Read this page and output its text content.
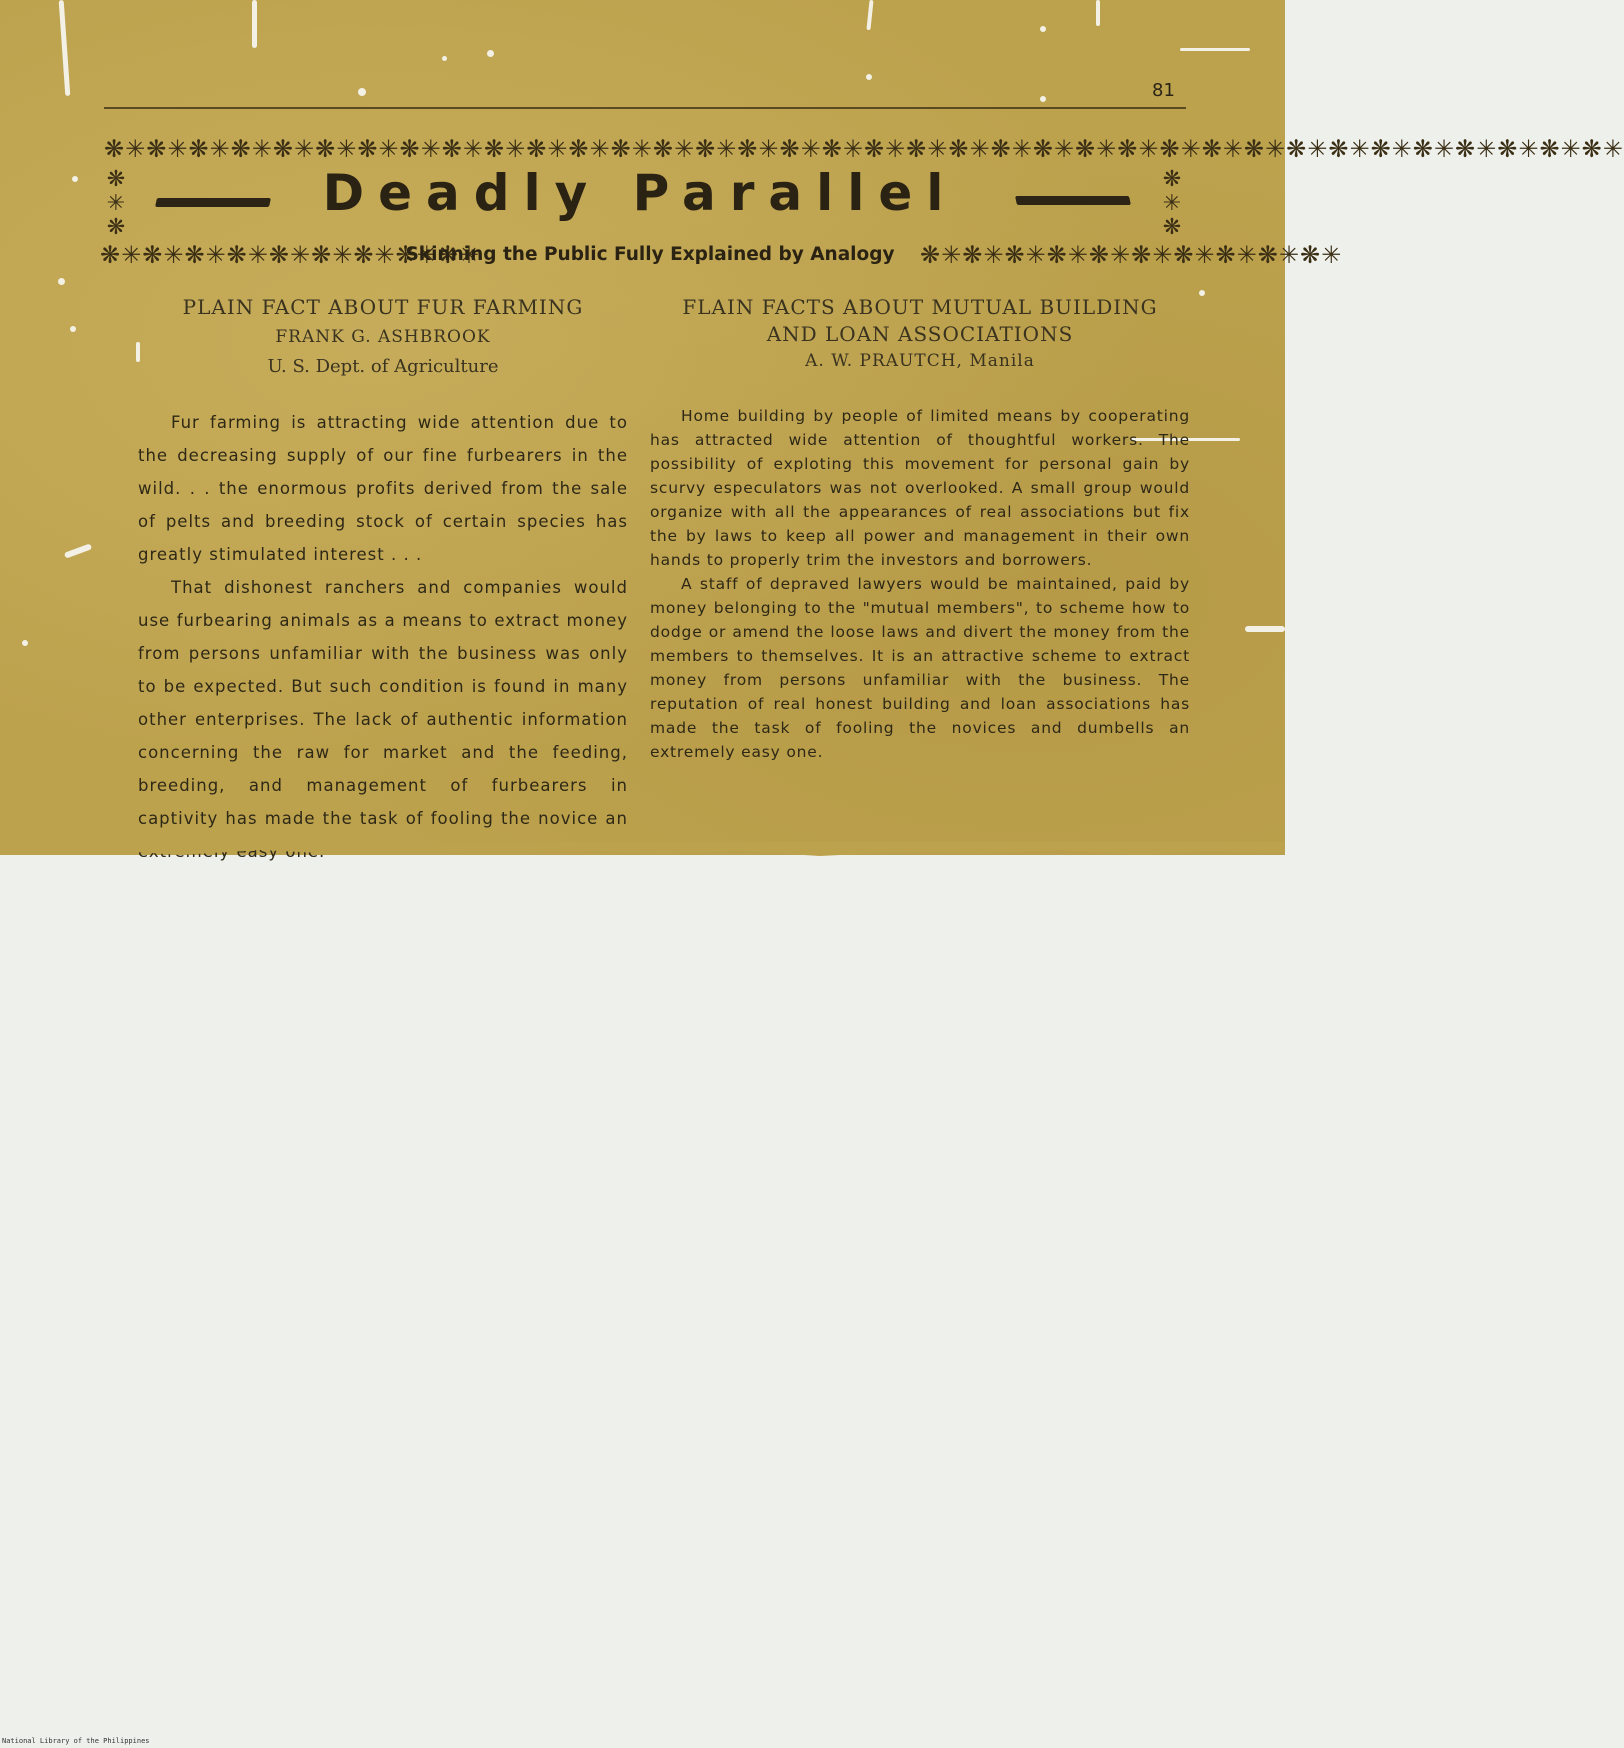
81
❋✳❋✳❋✳❋✳❋✳❋✳❋✳❋✳❋✳❋✳❋✳❋✳❋✳❋✳❋✳❋✳❋✳❋✳❋✳❋✳❋✳❋✳❋✳❋✳❋✳❋✳❋✳❋✳❋✳❋✳❋✳❋✳❋✳❋✳❋✳❋✳
❋
✳
❋
❋
✳
❋
❋✳❋✳❋✳❋✳❋✳❋✳❋✳❋✳❋✳	❋✳❋✳❋✳❋✳❋✳❋✳❋✳❋✳❋✳❋✳
Deadly Parallel
Skinning the Public Fully Explained by Analogy
PLAIN FACT ABOUT FUR FARMING
FRANK G. ASHBROOK
U. S. Dept. of Agriculture

Fur farming is attracting wide attention due to the decreasing supply of our fine furbearers in the wild. . . the enormous profits derived from the sale of pelts and breeding stock of certain species has greatly stimulated interest . . .

That dishonest ranchers and companies would use furbearing animals as a means to extract money from persons unfamiliar with the business was only to be expected. But such condition is found in many other enterprises. The lack of authentic information concerning the raw for market and the feeding, breeding, and management of furbearers in captivity has made the task of fooling the novice an easy

FLAIN FACTS ABOUT MUTUAL BUILDING
AND LOAN ASSOCIATIONS
A. W. PRAUTCH, Manila

Home building by people of limited means by cooperating has attracted wide attention of thoughtful workers. The possibility of exploting this movement for personal gain by scurvy especulators was not overlooked. A small group would organize with all the appearances of real associations but fix the by laws to keep all power and management in their own hands to properly trim the investors and borrowers.

A staff of depraved lawyers would be maintained, paid by money belonging to the "mutual members", to scheme how to dodge or amend the loose laws and divert the money from the members to themselves. It is an attractive scheme to extract money from persons unfamiliar with the business. The reputation of real honest building and loan associations has made the task of fooling the novices and dumbells an extremely easy one.

National Library of the Philippines
